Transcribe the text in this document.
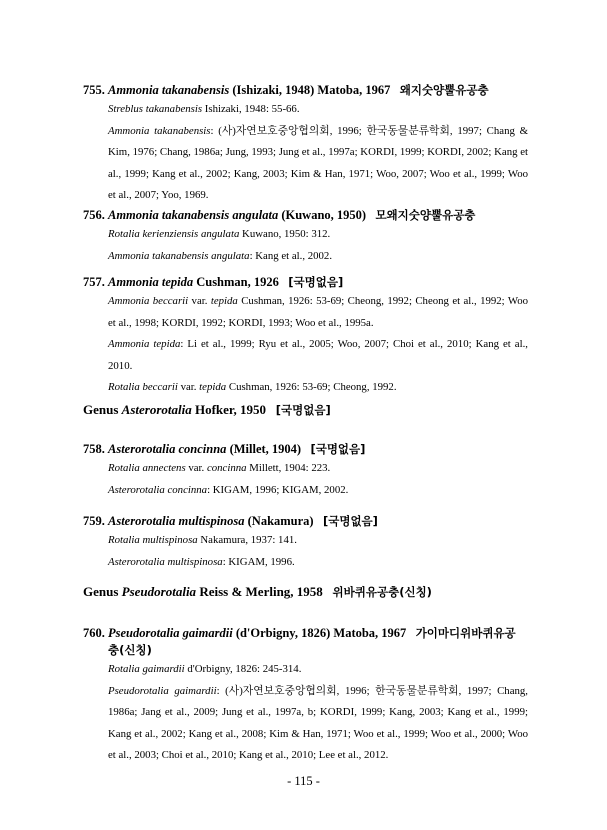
755. Ammonia takanabensis (Ishizaki, 1948) Matoba, 1967 왜지숫양뿔유공충
Streblus takanabensis Ishizaki, 1948: 55-66.
Ammonia takanabensis: (사)자연보호중앙협의회, 1996; 한국동물분류학회, 1997; Chang & Kim, 1976; Chang, 1986a; Jung, 1993; Jung et al., 1997a; KORDI, 1999; KORDI, 2002; Kang et al., 1999; Kang et al., 2002; Kang, 2003; Kim & Han, 1971; Woo, 2007; Woo et al., 1999; Woo et al., 2007; Yoo, 1969.
756. Ammonia takanabensis angulata (Kuwano, 1950) 모왜지숫양뿔유공충
Rotalia kerienziensis angulata Kuwano, 1950: 312.
Ammonia takanabensis angulata: Kang et al., 2002.
757. Ammonia tepida Cushman, 1926 [국명없음]
Ammonia beccarii var. tepida Cushman, 1926: 53-69; Cheong, 1992; Cheong et al., 1992; Woo et al., 1998; KORDI, 1992; KORDI, 1993; Woo et al., 1995a.
Ammonia tepida: Li et al., 1999; Ryu et al., 2005; Woo, 2007; Choi et al., 2010; Kang et al., 2010.
Rotalia beccarii var. tepida Cushman, 1926: 53-69; Cheong, 1992.
Genus Asterorotalia Hofker, 1950 [국명없음]
758. Asterorotalia concinna (Millet, 1904) [국명없음]
Rotalia annectens var. concinna Millett, 1904: 223.
Asterorotalia concinna: KIGAM, 1996; KIGAM, 2002.
759. Asterorotalia multispinosa (Nakamura) [국명없음]
Rotalia multispinosa Nakamura, 1937: 141.
Asterorotalia multispinosa: KIGAM, 1996.
Genus Pseudorotalia Reiss & Merling, 1958 위바퀴유공충(신칭)
760. Pseudorotalia gaimardii (d'Orbigny, 1826) Matoba, 1967 가이마디위바퀴유공
충(신칭)
Rotalia gaimardii d'Orbigny, 1826: 245-314.
Pseudorotalia gaimardii: (사)자연보호중앙협의회, 1996; 한국동물분류학회, 1997; Chang, 1986a; Jang et al., 2009; Jung et al., 1997a, b; KORDI, 1999; Kang, 2003; Kang et al., 1999; Kang et al., 2002; Kang et al., 2008; Kim & Han, 1971; Woo et al., 1999; Woo et al., 2000; Woo et al., 2003; Choi et al., 2010; Kang et al., 2010; Lee et al., 2012.
- 115 -
